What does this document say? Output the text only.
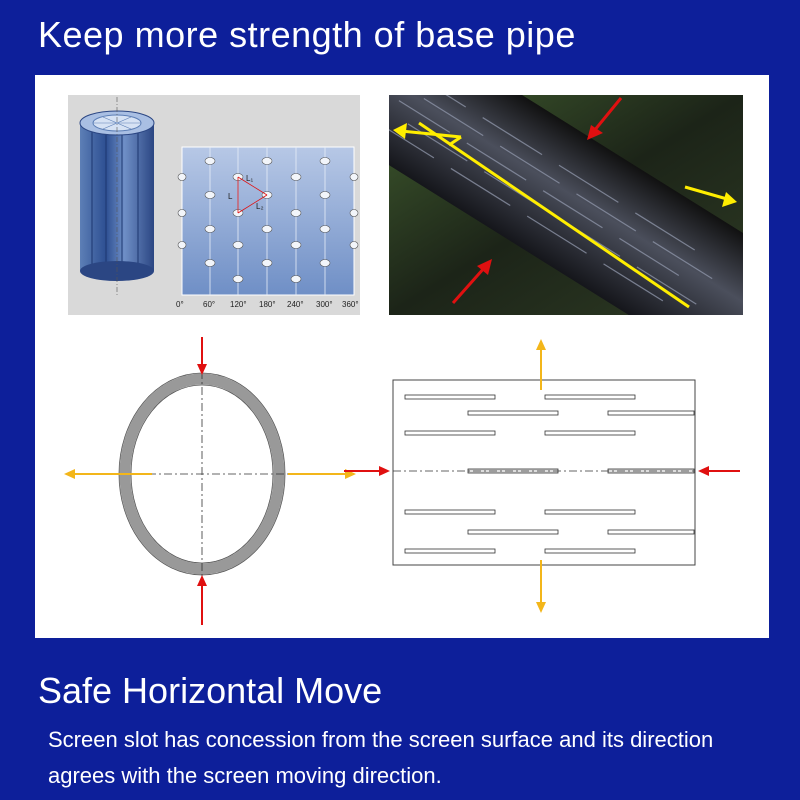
Keep more strength of base pipe
L₁
L
L₂
0° 60° 120° 180° 240° 300° 360°
Safe Horizontal Move
Screen slot has concession from the screen surface and its direction agrees with the screen moving direction.
